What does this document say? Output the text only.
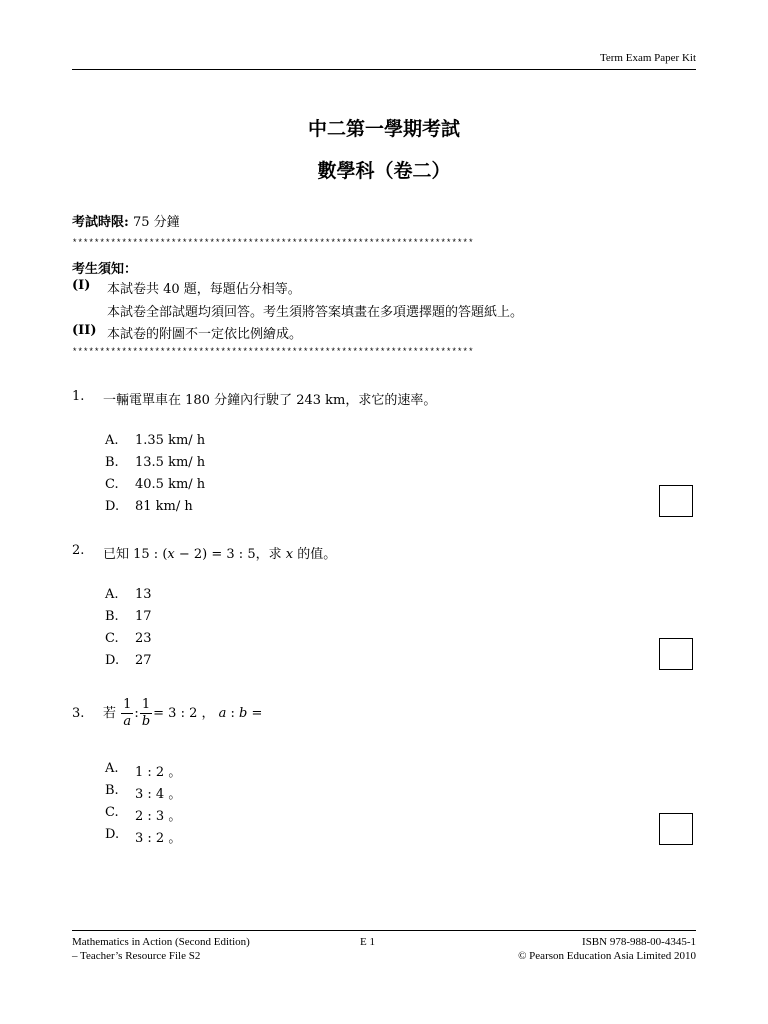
Term Exam Paper Kit
中二第一學期考試
數學科（卷二）
考試時限: 75 分鐘
*************************************************************************
考生須知：
(I) 本試卷共 40 題，每題佔分相等。
本試卷全部試題均須回答。考生須將答案填畫在多項選擇題的答題紙上。
(II) 本試卷的附圖不一定依比例繪成。
*************************************************************************
1. 一輛電單車在 180 分鐘內行駛了 243 km，求它的速率。
A. 1.35 km/ h
B. 13.5 km/ h
C. 40.5 km/ h
D. 81 km/ h
2. 已知 15 : (x − 2) = 3 : 5，求 x 的值。
A. 13
B. 17
C. 23
D. 27
3. 若 $\frac{1}{a}$ : $\frac{1}{b} = 3$ : 2 ， a : b =
A. 1 : 2 。
B. 3 : 4 。
C. 2 : 3 。
D. 3 : 2 。
Mathematics in Action (Second Edition)
– Teacher’s Resource File S2
E 1	ISBN 978-988-00-4345-1
© Pearson Education Asia Limited 2010
